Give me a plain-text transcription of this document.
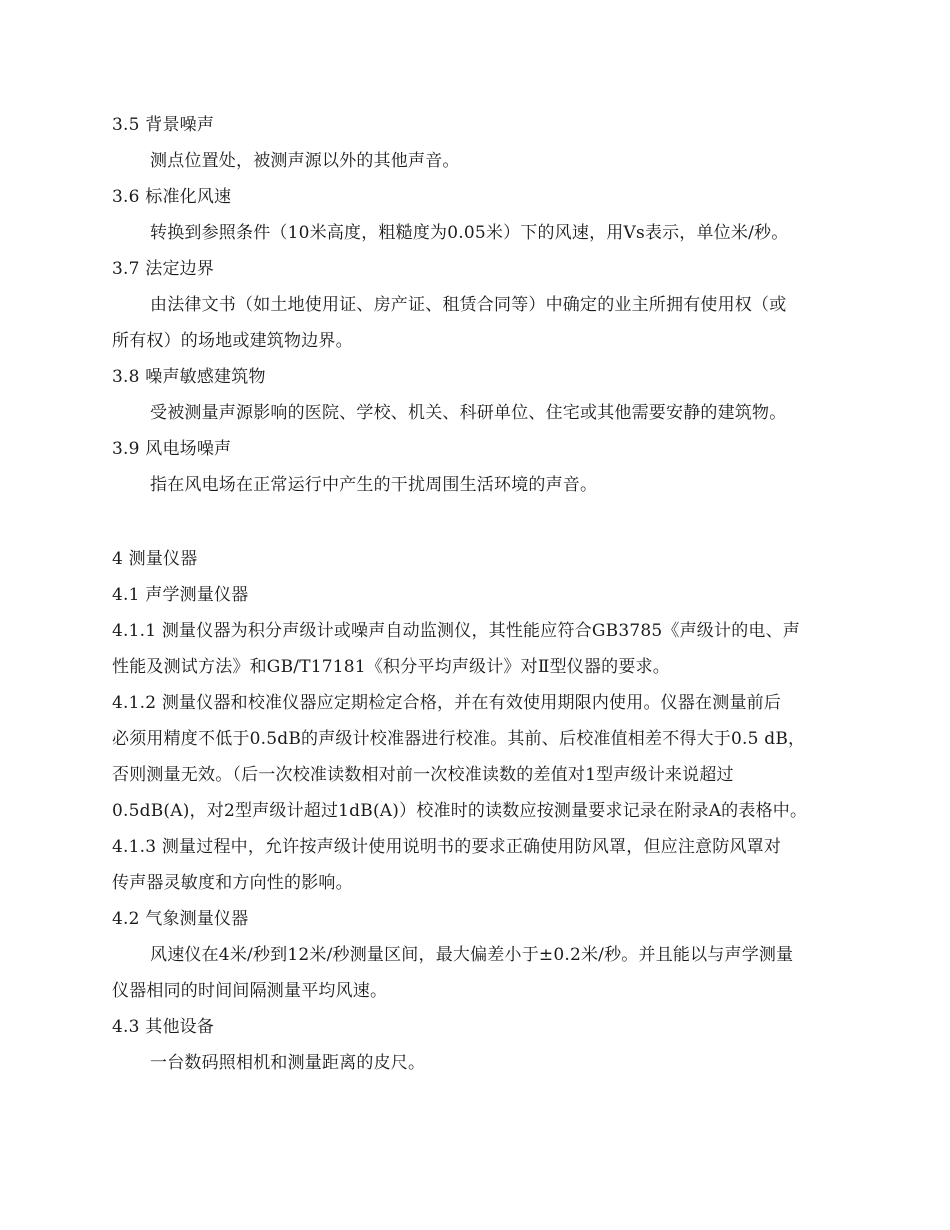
3.5 背景噪声
测点位置处，被测声源以外的其他声音。
3.6 标准化风速
转换到参照条件（10米高度，粗糙度为0.05米）下的风速，用Vs表示，单位米/秒。
3.7 法定边界
由法律文书（如土地使用证、房产证、租赁合同等）中确定的业主所拥有使用权（或
所有权）的场地或建筑物边界。
3.8 噪声敏感建筑物
受被测量声源影响的医院、学校、机关、科研单位、住宅或其他需要安静的建筑物。
3.9 风电场噪声
指在风电场在正常运行中产生的干扰周围生活环境的声音。
4 测量仪器
4.1 声学测量仪器
4.1.1 测量仪器为积分声级计或噪声自动监测仪，其性能应符合GB3785《声级计的电、声
性能及测试方法》和GB/T17181《积分平均声级计》对Ⅱ型仪器的要求。
4.1.2 测量仪器和校准仪器应定期检定合格，并在有效使用期限内使用。仪器在测量前后
必须用精度不低于0.5dB的声级计校准器进行校准。其前、后校准值相差不得大于0.5 dB，
否则测量无效。（后一次校准读数相对前一次校准读数的差值对1型声级计来说超过
0.5dB(A)，对2型声级计超过1dB(A)）校准时的读数应按测量要求记录在附录A的表格中。
4.1.3 测量过程中，允许按声级计使用说明书的要求正确使用防风罩，但应注意防风罩对
传声器灵敏度和方向性的影响。
4.2 气象测量仪器
风速仪在4米/秒到12米/秒测量区间，最大偏差小于±0.2米/秒。并且能以与声学测量
仪器相同的时间间隔测量平均风速。
4.3 其他设备
一台数码照相机和测量距离的皮尺。
